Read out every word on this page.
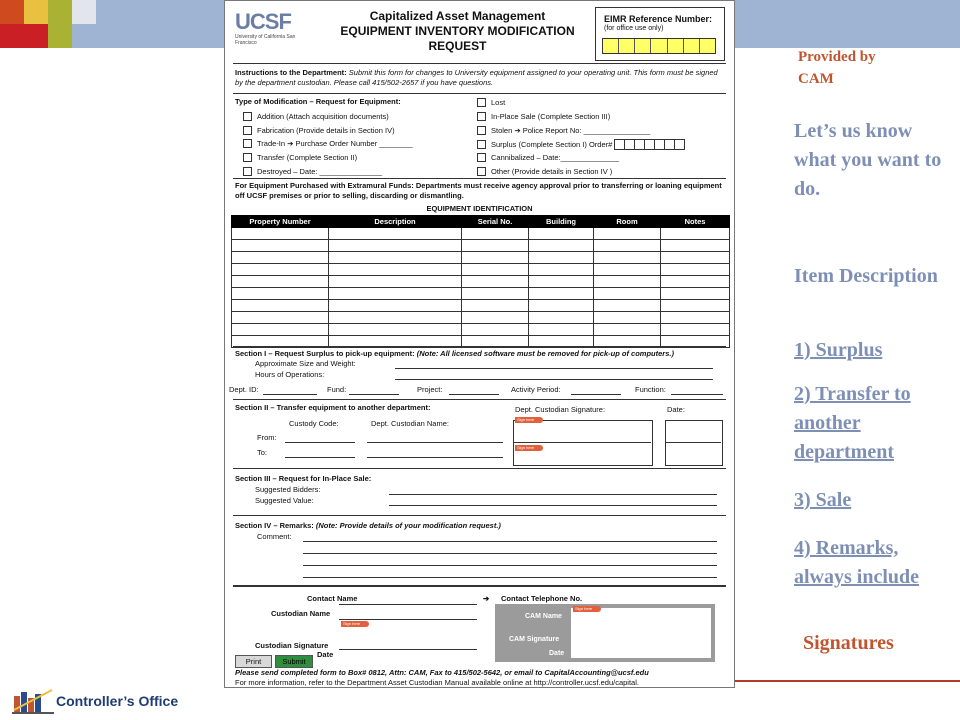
UCSF
University of California San Francisco
Capitalized Asset Management
EQUIPMENT INVENTORY MODIFICATION
REQUEST
EIMR Reference Number:
(for office use only)
Instructions to the Department: Submit this form for changes to University equipment assigned to your operating unit. This form must be signed by the department custodian. Please call 415/502-2657 if you have questions.
Type of Modification – Request for Equipment:
Addition (Attach acquisition documents)
Fabrication (Provide details in Section IV)
Trade-In ➔ Purchase Order Number ________
Transfer (Complete Section II)
Destroyed – Date: _______________
Lost
In-Place Sale (Complete Section III)
Stolen ➔ Police Report No: ________________
Surplus (Complete Section I) Order#
Cannibalized – Date:______________
Other (Provide details in Section IV )
For Equipment Purchased with Extramural Funds: Departments must receive agency approval prior to transferring or loaning equipment off UCSF premises or prior to selling, discarding or dismantling.
EQUIPMENT IDENTIFICATION
Property Number	Description	Serial No.	Building	Room	Notes

Section I – Request Surplus to pick-up equipment: (Note: All licensed software must be removed for pick-up of computers.)
Approximate Size and Weight:
Hours of Operations:
Dept. ID:	Fund:	Project:	Activity Period:	Function:
Section II – Transfer equipment to another department:	Dept. Custodian Signature:	Date:
Custody Code:	Dept. Custodian Name:
From:
To:
Sign here
Sign here
Section III – Request for In-Place Sale:
Suggested Bidders:
Suggested Value:
Section IV – Remarks: (Note: Provide details of your modification request.)
Comment:
Contact Name	➔ Contact Telephone No.
Custodian Name
Sign here
Custodian Signature
Date
CAM Name
CAM Signature
Date
Sign here
Print	Submit
Please send completed form to Box# 0812, Attn: CAM, Fax to 415/502-5642, or email to CapitalAccounting@ucsf.edu
For more information, refer to the Department Asset Custodian Manual available online at http://controller.ucsf.edu/capital.
Provided by CAM
Let’s us know what you want to do.
Item Description
1) Surplus
2) Transfer to another department
3) Sale
4) Remarks, always include
Signatures
Controller’s Office
